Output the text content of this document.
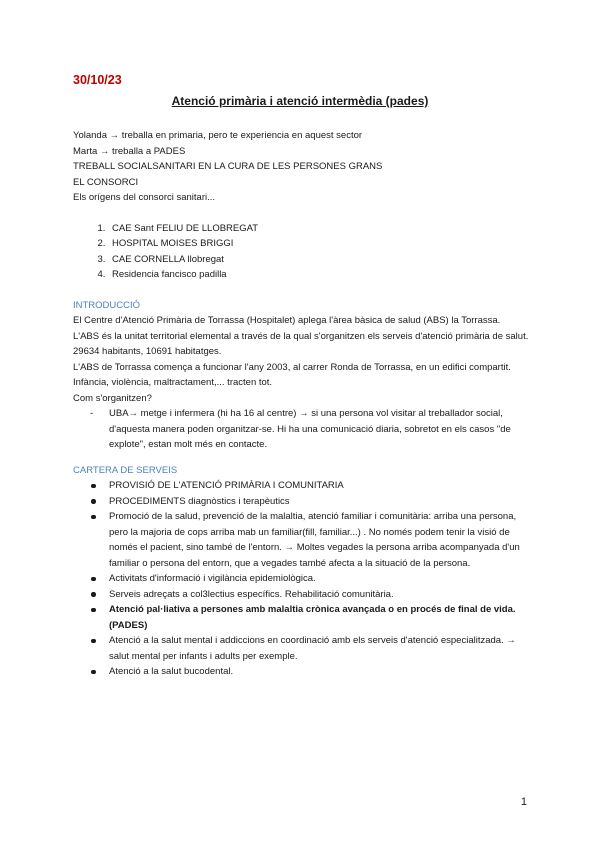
30/10/23
Atenció primària i atenció intermèdia (pades)

Yolanda → treballa en primaria, pero te experiencia en aquest sector

Marta → treballa a PADES

TREBALL SOCIALSANITARI EN LA CURA DE LES PERSONES GRANS

EL CONSORCI

Els orígens del consorci sanitari...

1. CAE Sant FELIU DE LLOBREGAT
2. HOSPITAL MOISES BRIGGI
3. CAE CORNELLA llobregat
4. Residencia fancisco padilla

INTRODUCCIÓ

El Centre d'Atenció Primària de Torrassa (Hospitalet) aplega l'àrea bàsica de salud (ABS) la Torrassa.

L'ABS és la unitat territorial elemental a través de la qual s'organitzen els serveis d'atenció primària de salut.

29634 habitants, 10691 habitatges.

L'ABS de Torrassa comença a funcionar l'any 2003, al carrer Ronda de Torrassa, en un edifici compartit.

Infància, violència, maltractament,... tracten tot.

Com s'organitzen?

- UBA→ metge i infermera (hi ha 16 al centre) → si una persona vol visitar al treballador social, d'aquesta manera poden organitzar-se. Hi ha una comunicació diaria, sobretot en els casos "de explote", estan molt més en contacte.

CARTERA DE SERVEIS

PROVISIÓ DE L'ATENCIÓ PRIMÀRIA I COMUNITARIA
PROCEDIMENTS diagnòstics i terapèutics
Promoció de la salud, prevenció de la malaltia, atenció familiar i comunitària: arriba una persona, pero la majoria de cops arriba mab un familiar(fill, familiar...) . No només podem tenir la visió de només el pacient, sino també de l'entorn. → Moltes vegades la persona arriba acompanyada d'un familiar o persona del entorn, que a vegades també afecta a la situació de la persona.
Activitats d'informació i vigilància epidemiològica.
Serveis adreçats a col3lectius específics. Rehabilitació comunitària.
Atenció pal·liativa a persones amb malaltia crònica avançada o en procés de final de vida. (PADES)
Atenció a la salut mental i addiccions en coordinació amb els serveis d'atenció especialitzada. → salut mental per infants i adults per exemple.
Atenció a la salut bucodental.
1
